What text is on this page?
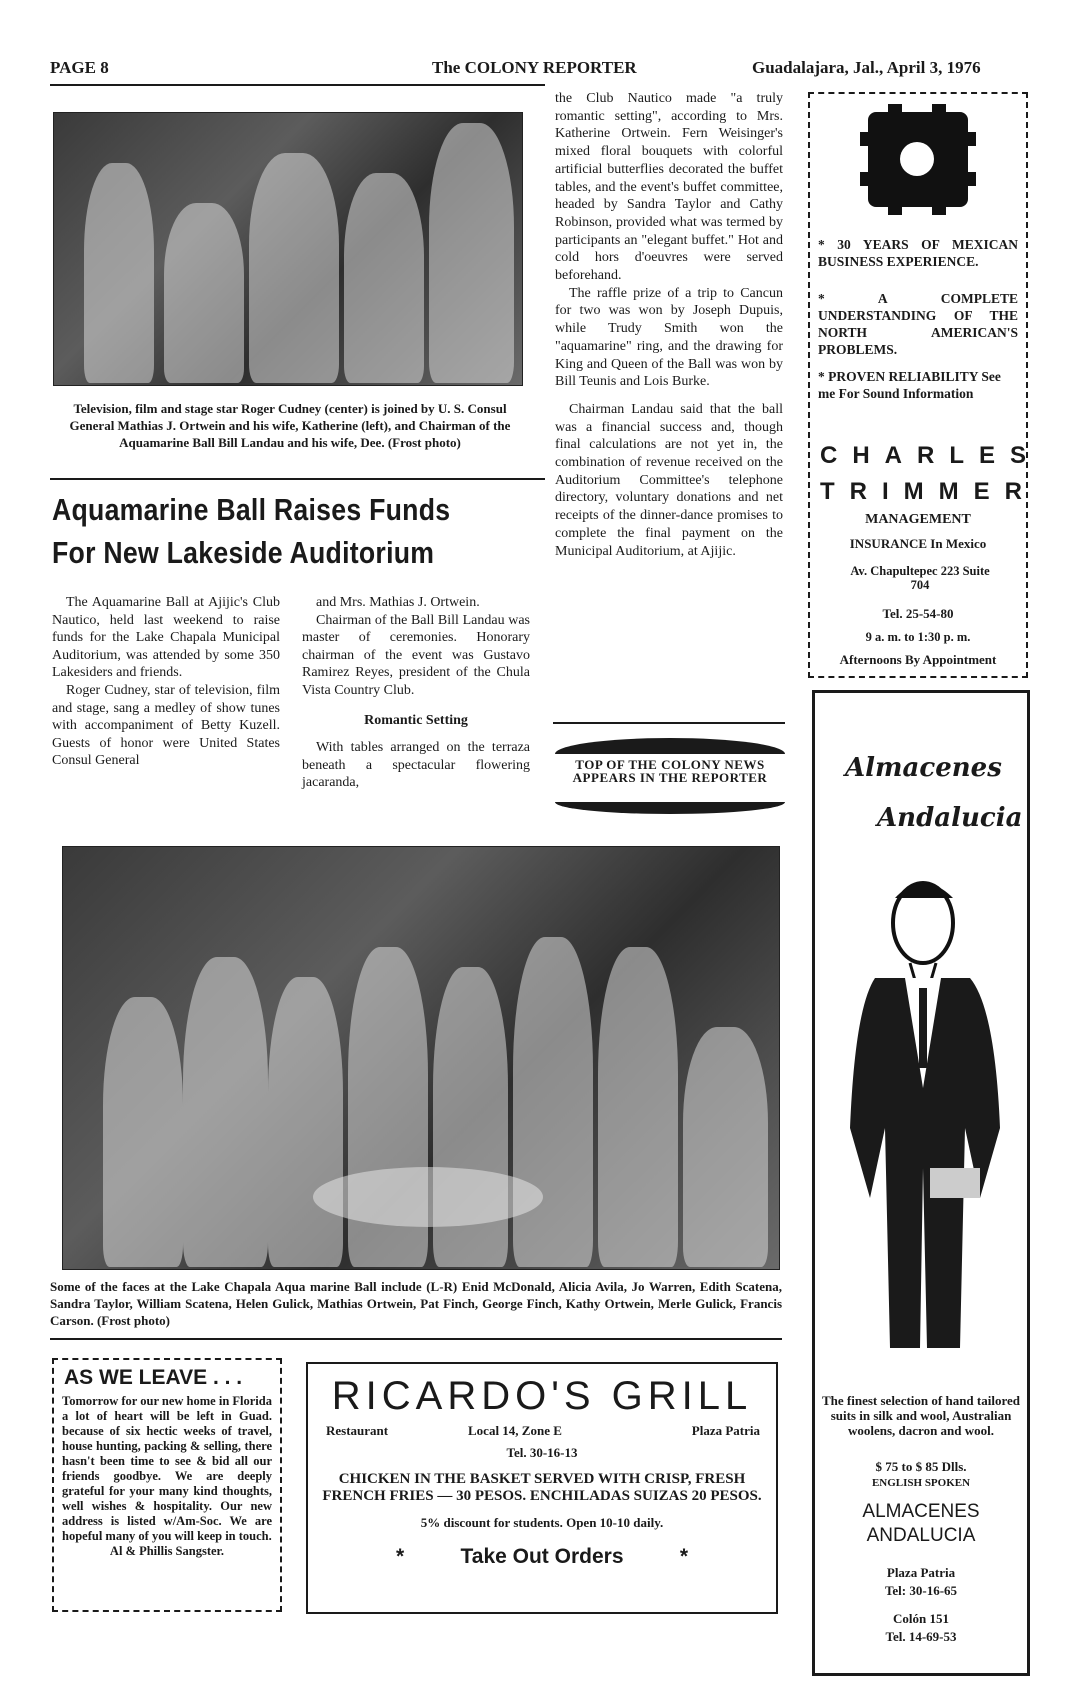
PAGE 8	The COLONY REPORTER	Guadalajara, Jal., April 3, 1976
Television, film and stage star Roger Cudney (center) is joined by U. S. Consul General Mathias J. Ortwein and his wife, Katherine (left), and Chairman of the Aquamarine Ball Bill Landau and his wife, Dee. (Frost photo)
Aquamarine Ball Raises Funds
For New Lakeside Auditorium

The Aquamarine Ball at Ajijic's Club Nautico, held last weekend to raise funds for the Lake Chapala Municipal Auditorium, was attended by some 350 Lakesiders and friends.

Roger Cudney, star of television, film and stage, sang a medley of show tunes with accompaniment of Betty Kuzell. Guests of honor were United States Consul General

and Mrs. Mathias J. Ortwein.

Chairman of the Ball Bill Landau was master of ceremonies. Honorary chairman of the event was Gustavo Ramirez Reyes, president of the Chula Vista Country Club.

Romantic Setting

With tables arranged on the terraza beneath a spectacular flowering jacaranda,

the Club Nautico made "a truly romantic setting", according to Mrs. Katherine Ortwein. Fern Weisinger's mixed floral bouquets with colorful artificial butterflies decorated the buffet tables, and the event's buffet committee, headed by Sandra Taylor and Cathy Robinson, provided what was termed by participants an "elegant buffet." Hot and cold hors d'oeuvres were served beforehand.

The raffle prize of a trip to Cancun for two was won by Joseph Dupuis, while Trudy Smith won the "aquamarine" ring, and the drawing for King and Queen of the Ball was won by Bill Teunis and Lois Burke.

Chairman Landau said that the ball was a financial success and, though final calculations are not yet in, the combination of revenue received on the Auditorium Committee's telephone directory, voluntary donations and net receipts of the dinner-dance promises to complete the final payment on the Municipal Auditorium, at Ajijic.

TOP OF THE COLONY NEWS APPEARS IN THE REPORTER
Some of the faces at the Lake Chapala Aqua marine Ball include (L-R) Enid McDonald, Alicia Avila, Jo Warren, Edith Scatena, Sandra Taylor, William Scatena, Helen Gulick, Mathias Ortwein, Pat Finch, George Finch, Kathy Ortwein, Merle Gulick, Francis Carson. (Frost photo)
AS WE LEAVE . . .
Tomorrow for our new home in Florida a lot of heart will be left in Guad. because of six hectic weeks of travel, house hunting, packing & selling, there hasn't been time to see & bid all our friends goodbye. We are deeply grateful for your many kind thoughts, well wishes & hospitality. Our new address is listed w/Am-Soc. We are hopeful many of you will keep in touch.
Al & Phillis Sangster.
RICARDO'S GRILL
Restaurant	Local 14, Zone E	Plaza Patria
Tel. 30-16-13
CHICKEN IN THE BASKET SERVED WITH CRISP, FRESH FRENCH FRIES — 30 PESOS. ENCHILADAS SUIZAS 20 PESOS.
5% discount for students. Open 10-10 daily.
*	Take Out Orders	*
* 30 YEARS OF MEXICAN BUSINESS EXPERIENCE.
* A COMPLETE UNDERSTANDING OF THE NORTH AMERICAN'S PROBLEMS.
* PROVEN RELIABILITY See me For Sound Information
CHARLES
TRIMMER
MANAGEMENT
INSURANCE In Mexico
Av. Chapultepec 223 Suite 704
Tel. 25-54-80
9 a. m. to 1:30 p. m.
Afternoons By Appointment
Almacenes
Andalucia
The finest selection of hand tailored suits in silk and wool, Australian woolens, dacron and wool.
$ 75 to $ 85 Dlls.
ENGLISH SPOKEN
ALMACENES
ANDALUCIA
Plaza Patria
Tel: 30-16-65
Colón 151
Tel. 14-69-53
